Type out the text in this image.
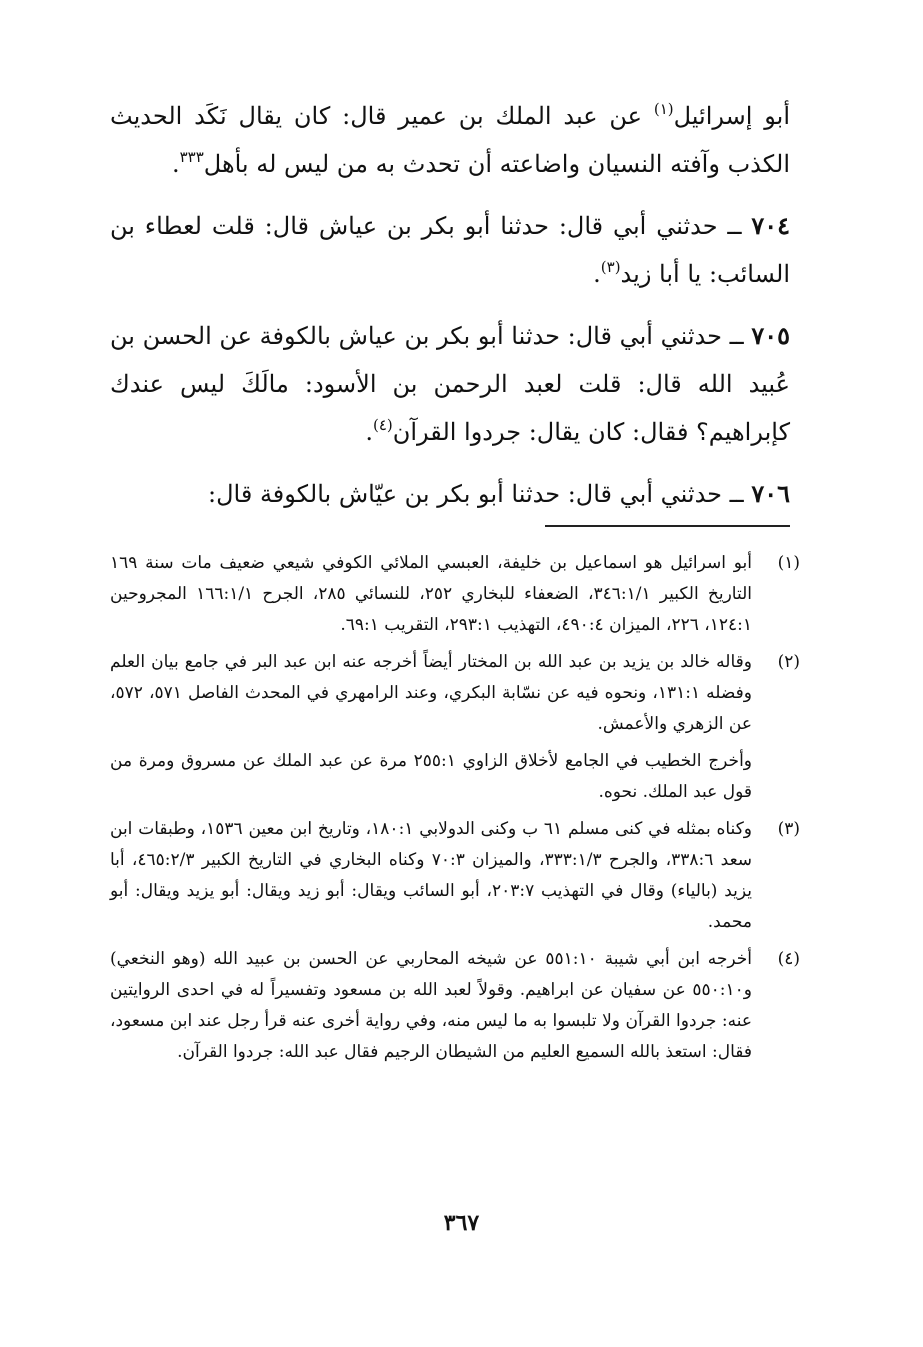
أبو إسرائيل$^{(١)}$ عن عبد الملك بن عمير قال: كان يقال نَكَد الحديث الكذب وآفته النسيان واضاعته أن تحدث به من ليس له بأهل$^{٣٣٣}$.

٧٠٤ ــ حدثني أبي قال: حدثنا أبو بكر بن عياش قال: قلت لعطاء بن السائب: يا أبا زيد$^{(٣)}$.

٧٠٥ ــ حدثني أبي قال: حدثنا أبو بكر بن عياش بالكوفة عن الحسن بن عُبيد الله قال: قلت لعبد الرحمن بن الأسود: مالَكَ ليس عندك كإبراهيم؟ فقال: كان يقال: جردوا القرآن$^{(٤)}$.

٧٠٦ ــ حدثني أبي قال: حدثنا أبو بكر بن عيّاش بالكوفة قال:

(١)
أبو اسرائيل هو اسماعيل بن خليفة، العبسي الملائي الكوفي شيعي ضعيف مات سنة ١٦٩ التاريخ الكبير ٣٤٦:١/١، الضعفاء للبخاري ٢٥٢، للنسائي ٢٨٥، الجرح ١٦٦:١/١ المجروحين ١٢٤:١، ٢٢٦، الميزان ٤٩٠:٤، التهذيب ٢٩٣:١، التقريب ٦٩:١.
(٢)
وقاله خالد بن يزيد بن عبد الله بن المختار أيضاً أخرجه عنه ابن عبد البر في جامع بيان العلم وفضله ١٣١:١، ونحوه فيه عن نسّابة البكري، وعند الرامهري في المحدث الفاصل ٥٧١، ٥٧٢، عن الزهري والأعمش.
وأخرج الخطيب في الجامع لأخلاق الزاوي ٢٥٥:١ مرة عن عبد الملك عن مسروق ومرة من قول عبد الملك. نحوه.
(٣)
وكناه بمثله في كنى مسلم ٦١ ب وكنى الدولابي ١٨٠:١، وتاريخ ابن معين ١٥٣٦، وطبقات ابن سعد ٣٣٨:٦، والجرح ٣٣٣:١/٣، والميزان ٧٠:٣ وكناه البخاري في التاريخ الكبير ٤٦٥:٢/٣، أبا يزيد (بالياء) وقال في التهذيب ٢٠٣:٧، أبو السائب ويقال: أبو زيد ويقال: أبو يزيد ويقال: أبو محمد.
(٤)
أخرجه ابن أبي شيبة ٥٥١:١٠ عن شيخه المحاربي عن الحسن بن عبيد الله (وهو النخعي) و٥٥٠:١٠ عن سفيان عن ابراهيم. وقولاً لعبد الله بن مسعود وتفسيراً له في احدى الروايتين عنه: جردوا القرآن ولا تلبسوا به ما ليس منه، وفي رواية أخرى عنه قرأ رجل عند ابن مسعود، فقال: استعذ بالله السميع العليم من الشيطان الرجيم فقال عبد الله: جردوا القرآن.
٣٦٧
